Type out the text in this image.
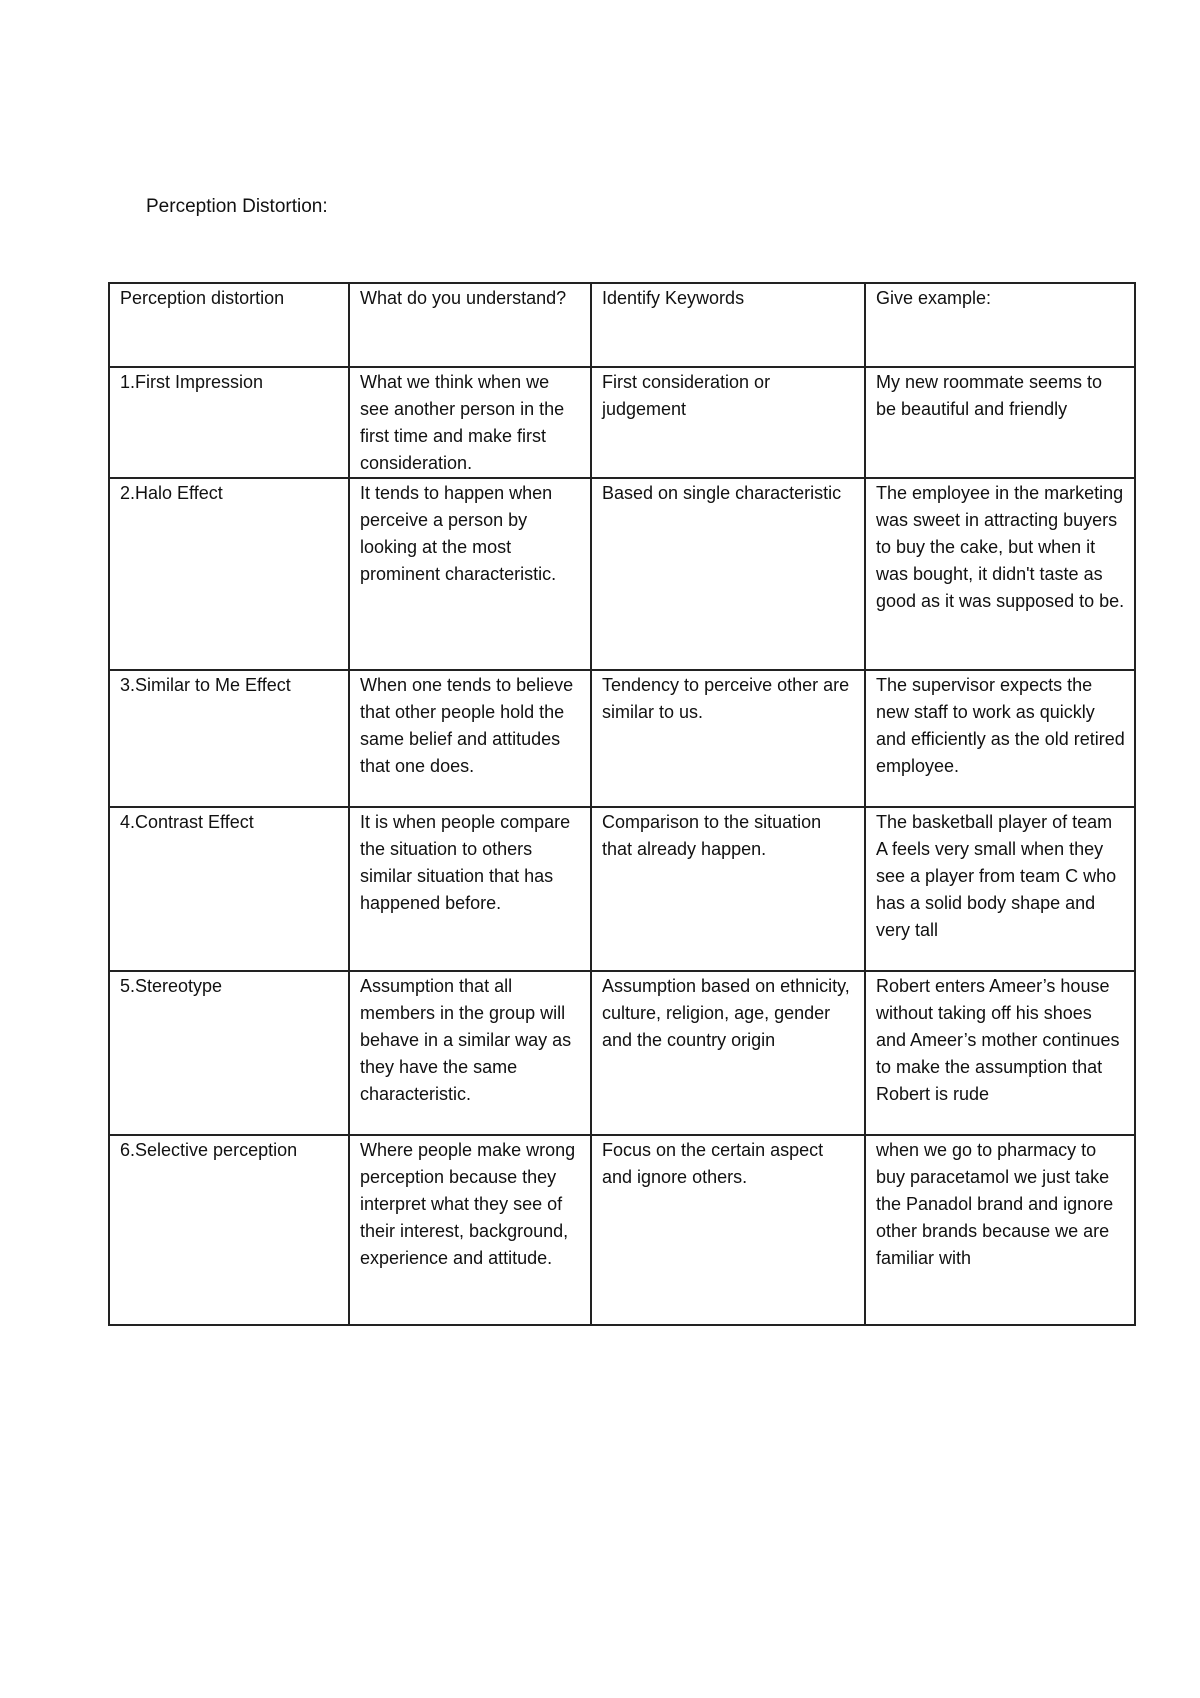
Perception Distortion:
Perception distortion	What do you understand?	Identify Keywords	Give example:
1.First Impression	What we think when we see another person in the first time and make first consideration.	First consideration or judgement	My new roommate seems to be beautiful and friendly
2.Halo Effect	It tends to happen when perceive a person by looking at the most prominent characteristic.	Based on single characteristic	The employee in the marketing was sweet in attracting buyers to buy the cake, but when it was bought, it didn't taste as good as it was supposed to be.
3.Similar to Me Effect	When one tends to believe that other people hold the same belief and attitudes that one does.	Tendency to perceive other are similar to us.	The supervisor expects the new staff to work as quickly and efficiently as the old retired employee.
4.Contrast Effect	It is when people compare the situation to others similar situation that has happened before.	Comparison to the situation that already happen.	The basketball player of team A feels very small when they see a player from team C who has a solid body shape and very tall
5.Stereotype	Assumption that all members in the group will behave in a similar way as they have the same characteristic.	Assumption based on ethnicity, culture, religion, age, gender and the country origin	Robert enters Ameer’s house without taking off his shoes and Ameer’s mother continues to make the assumption that Robert is rude
6.Selective perception	Where people make wrong perception because they interpret what they see of their interest, background, experience and attitude.	Focus on the certain aspect and ignore others.	when we go to pharmacy to buy paracetamol we just take the Panadol brand and ignore other brands because we are familiar with
